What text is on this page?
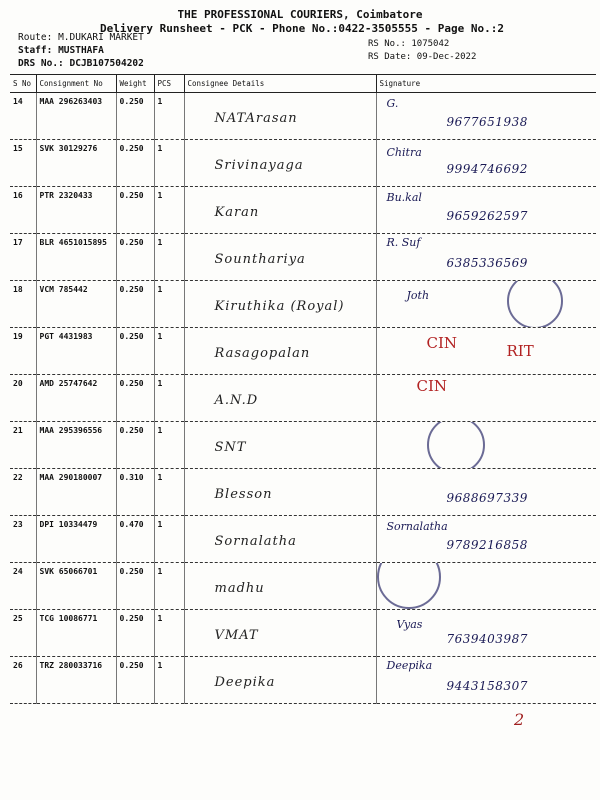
THE PROFESSIONAL COURIERS, Coimbatore
Delivery Runsheet - PCK - Phone No.:0422-3505555 - Page No.:2
Route: M.DUKARI MARKET
Staff: MUSTHAFA
DRS No.: DCJB107504202
RS No.: 1075042
RS Date: 09-Dec-2022
S No	Consignment No	Weight	PCS	Consignee Details	Signature
14	MAA 296263403	0.250	1	NATArasan	9677651938
G.

15	SVK 30129276	0.250	1	Srivinayaga	9994746692
Chitra

16	PTR 2320433	0.250	1	Karan	9659262597
Bu.kal

17	BLR 4651015895	0.250	1	Sounthariya	6385336569
R. Suf

18	VCM 785442	0.250	1	Kiruthika (Royal)	Joth

19	PGT 4431983	0.250	1	Rasagopalan	CIN RIT

20	AMD 25747642	0.250	1	A.N.D	CIN

21	MAA 295396556	0.250	1	SNT	

22	MAA 290180007	0.310	1	Blesson	9688697339

23	DPI 10334479	0.470	1	Sornalatha	9789216858
Sornalatha

24	SVK 65066701	0.250	1	madhu	

25	TCG 10086771	0.250	1	VMAT	7639403987
Vyas

26	TRZ 280033716	0.250	1	Deepika	9443158307
Deepika
2
